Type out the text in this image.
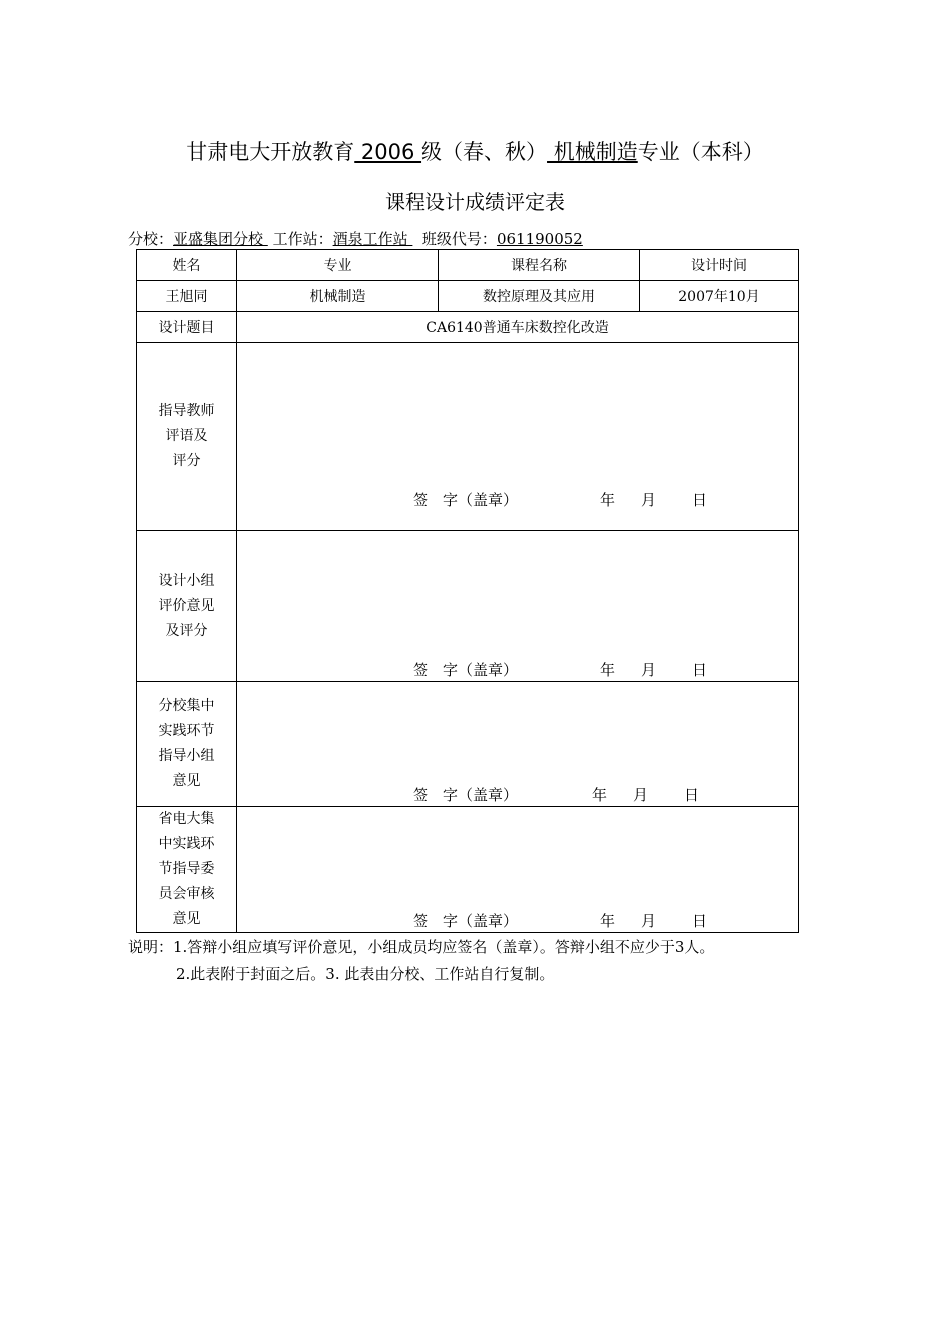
甘肃电大开放教育 2006 级（春、秋） 机械制造专业（本科）
课程设计成绩评定表
分校：亚盛集团分校  工作站：酒泉工作站   班级代号：061190052
姓名	专业	课程名称	设计时间
王旭同	机械制造	数控原理及其应用	2007年10月
设计题目	CA6140普通车床数控化改造		

指导教师
评语及
评分	签　字（盖章） 年 月 日		

设计小组
评价意见
及评分	签　字（盖章） 年 月 日		

分校集中
实践环节
指导小组
意见	签　字（盖章） 年 月 日		

省电大集
中实践环
节指导委
员会审核
意见	签　字（盖章） 年 月 日		
说明：1.答辩小组应填写评价意见，小组成员均应签名（盖章）。答辩小组不应少于3人。
2.此表附于封面之后。3. 此表由分校、工作站自行复制。
